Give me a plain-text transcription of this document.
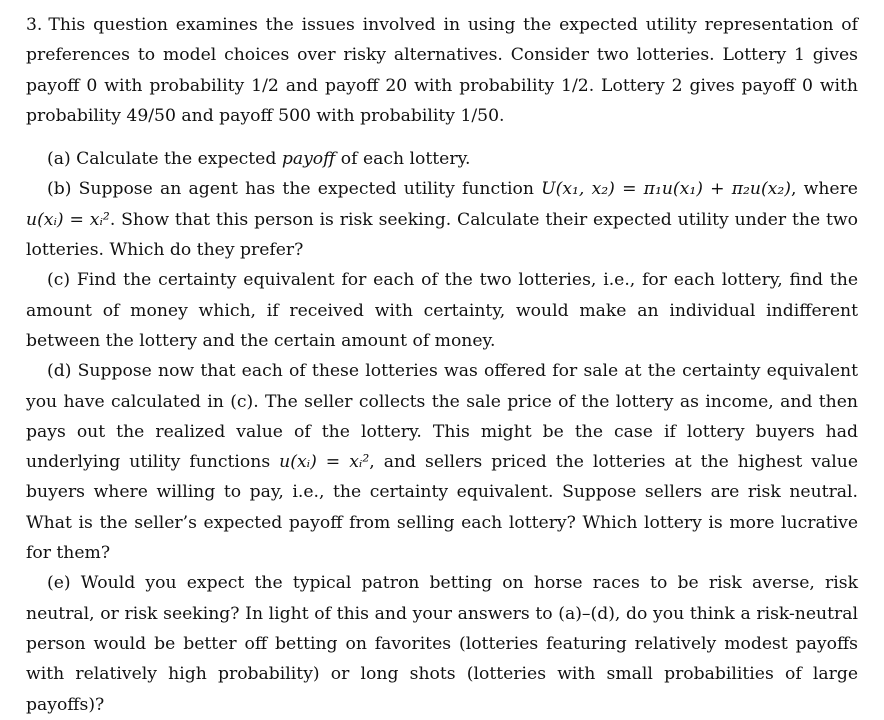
3. This question examines the issues involved in using the expected utility representation of preferences to model choices over risky alternatives. Consider two lotteries. Lottery 1 gives payoff 0 with probability 1/2 and payoff 20 with probability 1/2. Lottery 2 gives payoff 0 with probability 49/50 and payoff 500 with probability 1/50.

(a) Calculate the expected payoff of each lottery.

(b) Suppose an agent has the expected utility function U(x₁, x₂) = π₁u(x₁) + π₂u(x₂), where u(xᵢ) = xᵢ². Show that this person is risk seeking. Calculate their expected utility under the two lotteries. Which do they prefer?

(c) Find the certainty equivalent for each of the two lotteries, i.e., for each lottery, find the amount of money which, if received with certainty, would make an individual indifferent between the lottery and the certain amount of money.

(d) Suppose now that each of these lotteries was offered for sale at the certainty equivalent you have calculated in (c). The seller collects the sale price of the lottery as income, and then pays out the realized value of the lottery. This might be the case if lottery buyers had underlying utility functions u(xᵢ) = xᵢ², and sellers priced the lotteries at the highest value buyers where willing to pay, i.e., the certainty equivalent. Suppose sellers are risk neutral. What is the seller’s expected payoff from selling each lottery? Which lottery is more lucrative for them?

(e) Would you expect the typical patron betting on horse races to be risk averse, risk neutral, or risk seeking? In light of this and your answers to (a)–(d), do you think a risk-neutral person would be better off betting on favorites (lotteries featuring relatively modest payoffs with relatively high probability) or long shots (lotteries with small probabilities of large payoffs)?
